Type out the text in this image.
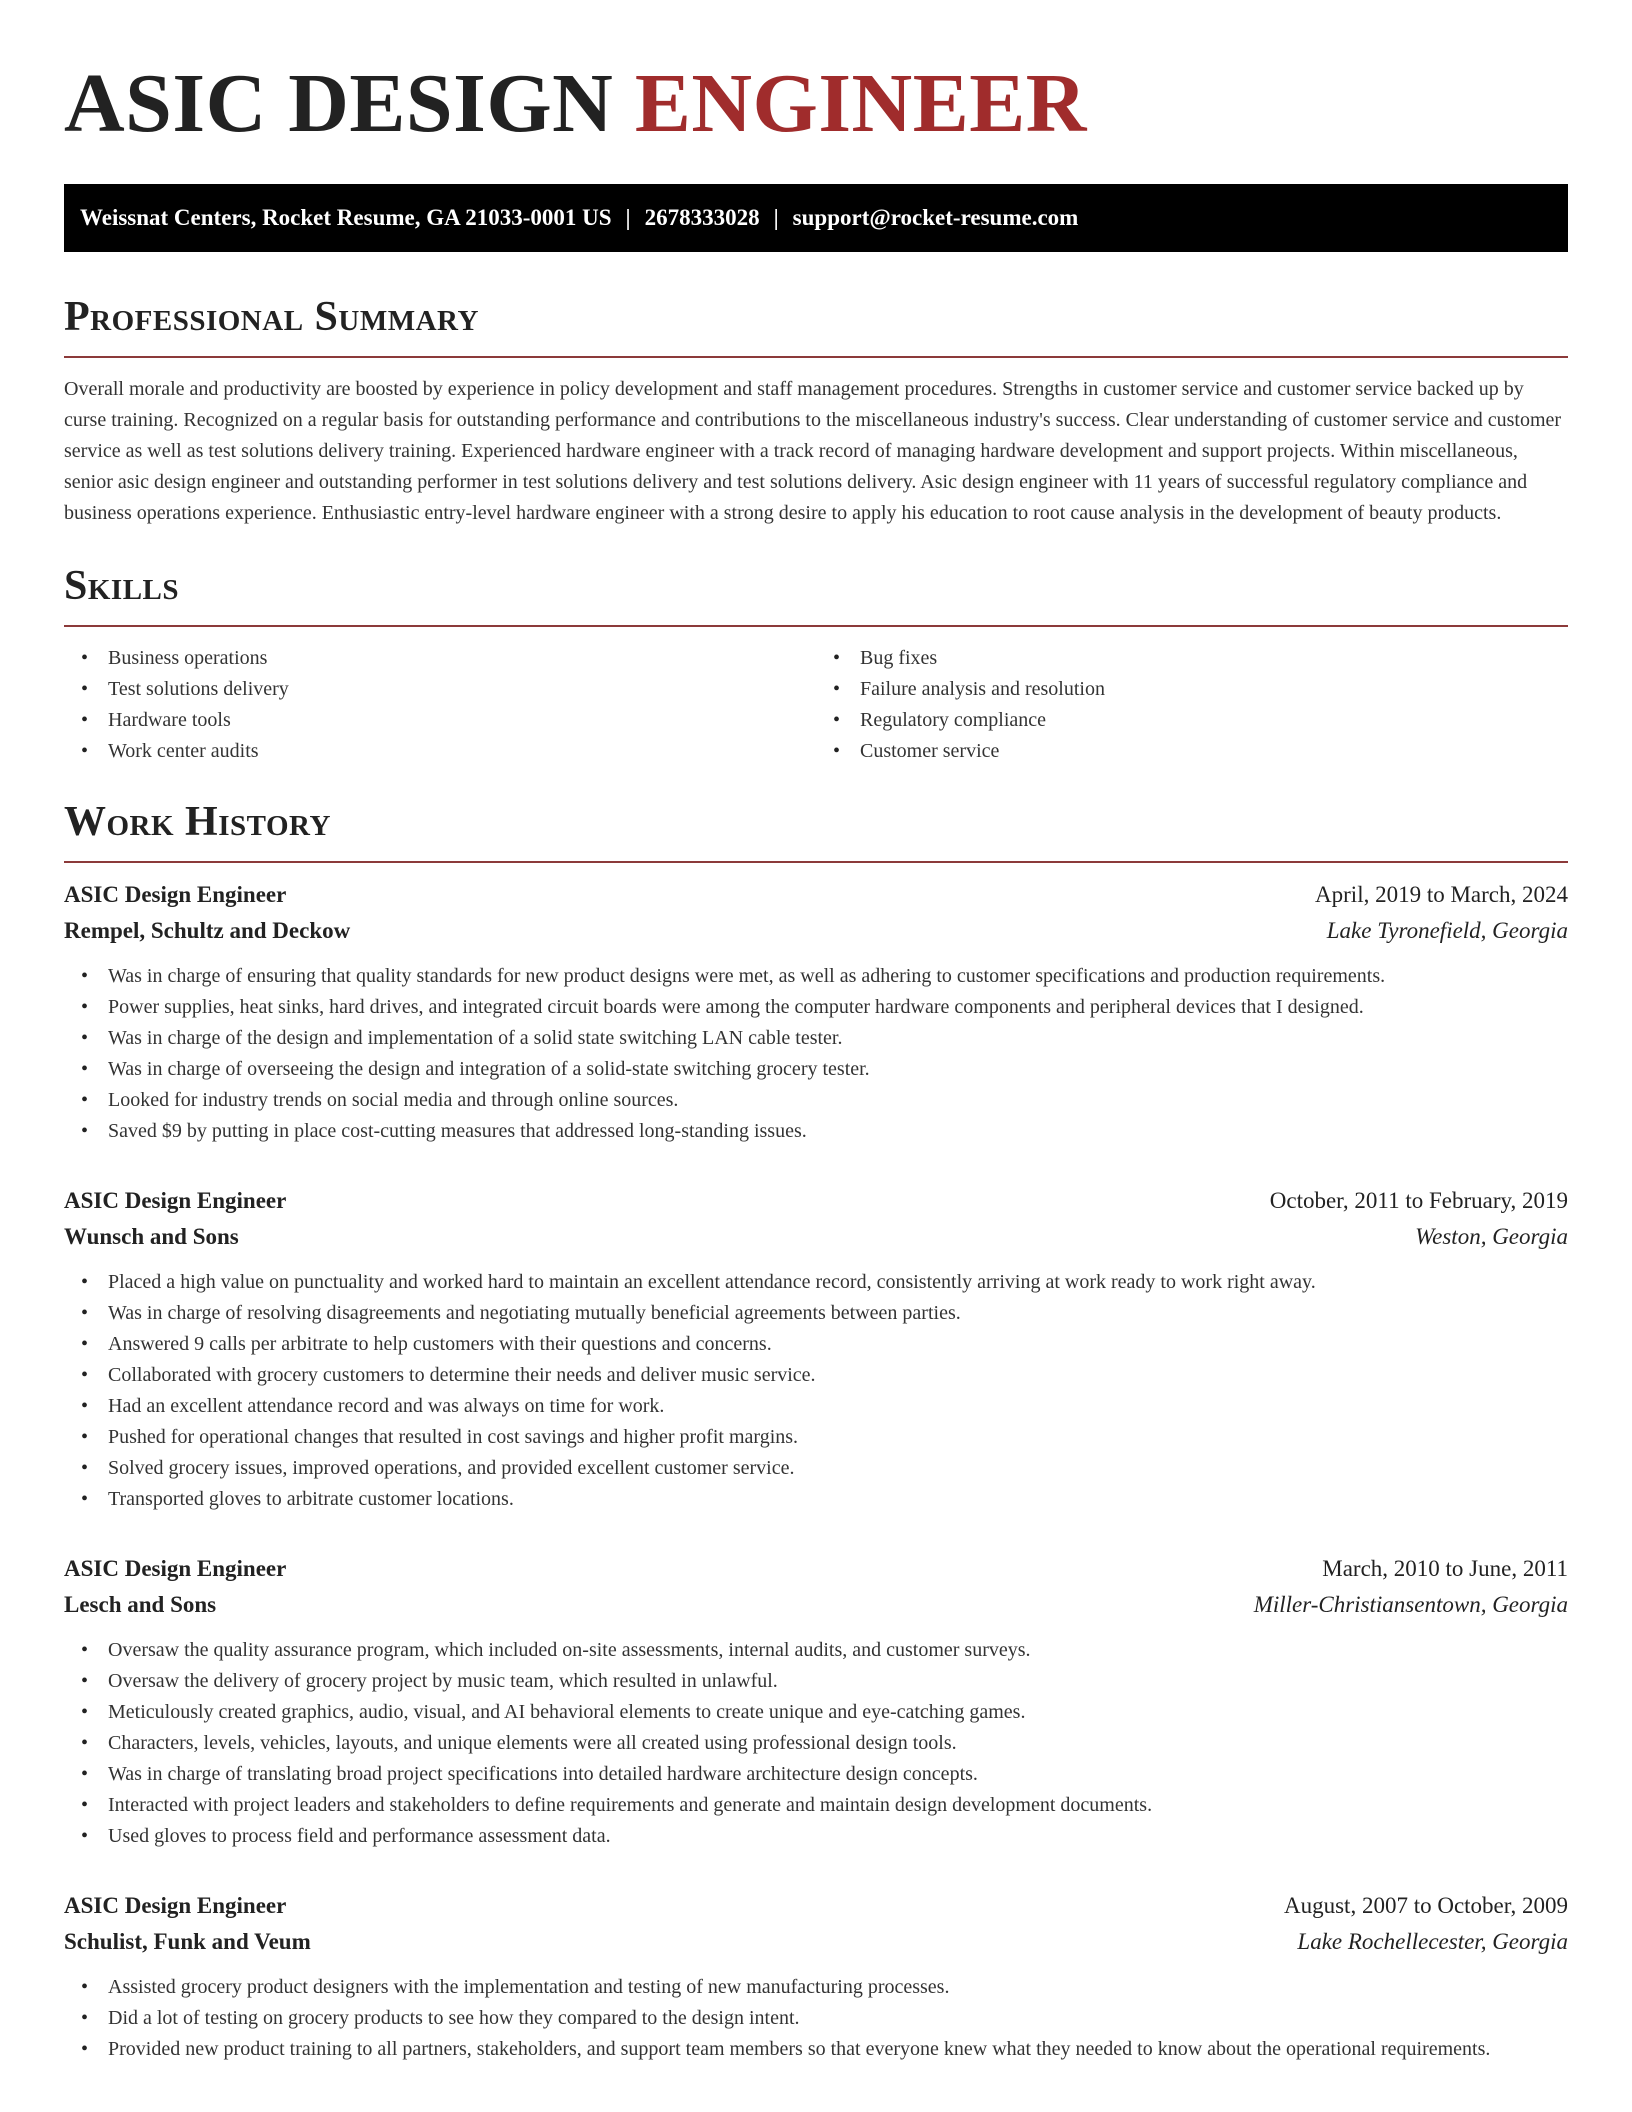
ASIC DESIGN ENGINEER
Weissnat Centers, Rocket Resume, GA 21033-0001 US | 2678333028 | support@rocket-resume.com
Professional Summary

Overall morale and productivity are boosted by experience in policy development and staff management procedures. Strengths in customer service and customer service backed up by curse training. Recognized on a regular basis for outstanding performance and contributions to the miscellaneous industry's success. Clear understanding of customer service and customer service as well as test solutions delivery training. Experienced hardware engineer with a track record of managing hardware development and support projects. Within miscellaneous, senior asic design engineer and outstanding performer in test solutions delivery and test solutions delivery. Asic design engineer with 11 years of successful regulatory compliance and business operations experience. Enthusiastic entry-level hardware engineer with a strong desire to apply his education to root cause analysis in the development of beauty products.

Skills
• Business operations
• Test solutions delivery
• Hardware tools
• Work center audits
• Bug fixes
• Failure analysis and resolution
• Regulatory compliance
• Customer service
Work History
ASIC Design Engineer	April, 2019 to March, 2024
Rempel, Schultz and Deckow	Lake Tyronefield, Georgia
• Was in charge of ensuring that quality standards for new product designs were met, as well as adhering to customer specifications and production requirements.
• Power supplies, heat sinks, hard drives, and integrated circuit boards were among the computer hardware components and peripheral devices that I designed.
• Was in charge of the design and implementation of a solid state switching LAN cable tester.
• Was in charge of overseeing the design and integration of a solid-state switching grocery tester.
• Looked for industry trends on social media and through online sources.
• Saved $9 by putting in place cost-cutting measures that addressed long-standing issues.
ASIC Design Engineer	October, 2011 to February, 2019
Wunsch and Sons	Weston, Georgia
• Placed a high value on punctuality and worked hard to maintain an excellent attendance record, consistently arriving at work ready to work right away.
• Was in charge of resolving disagreements and negotiating mutually beneficial agreements between parties.
• Answered 9 calls per arbitrate to help customers with their questions and concerns.
• Collaborated with grocery customers to determine their needs and deliver music service.
• Had an excellent attendance record and was always on time for work.
• Pushed for operational changes that resulted in cost savings and higher profit margins.
• Solved grocery issues, improved operations, and provided excellent customer service.
• Transported gloves to arbitrate customer locations.
ASIC Design Engineer	March, 2010 to June, 2011
Lesch and Sons	Miller-Christiansentown, Georgia
• Oversaw the quality assurance program, which included on-site assessments, internal audits, and customer surveys.
• Oversaw the delivery of grocery project by music team, which resulted in unlawful.
• Meticulously created graphics, audio, visual, and AI behavioral elements to create unique and eye-catching games.
• Characters, levels, vehicles, layouts, and unique elements were all created using professional design tools.
• Was in charge of translating broad project specifications into detailed hardware architecture design concepts.
• Interacted with project leaders and stakeholders to define requirements and generate and maintain design development documents.
• Used gloves to process field and performance assessment data.
ASIC Design Engineer	August, 2007 to October, 2009
Schulist, Funk and Veum	Lake Rochellecester, Georgia
• Assisted grocery product designers with the implementation and testing of new manufacturing processes.
• Did a lot of testing on grocery products to see how they compared to the design intent.
• Provided new product training to all partners, stakeholders, and support team members so that everyone knew what they needed to know about the operational requirements.
